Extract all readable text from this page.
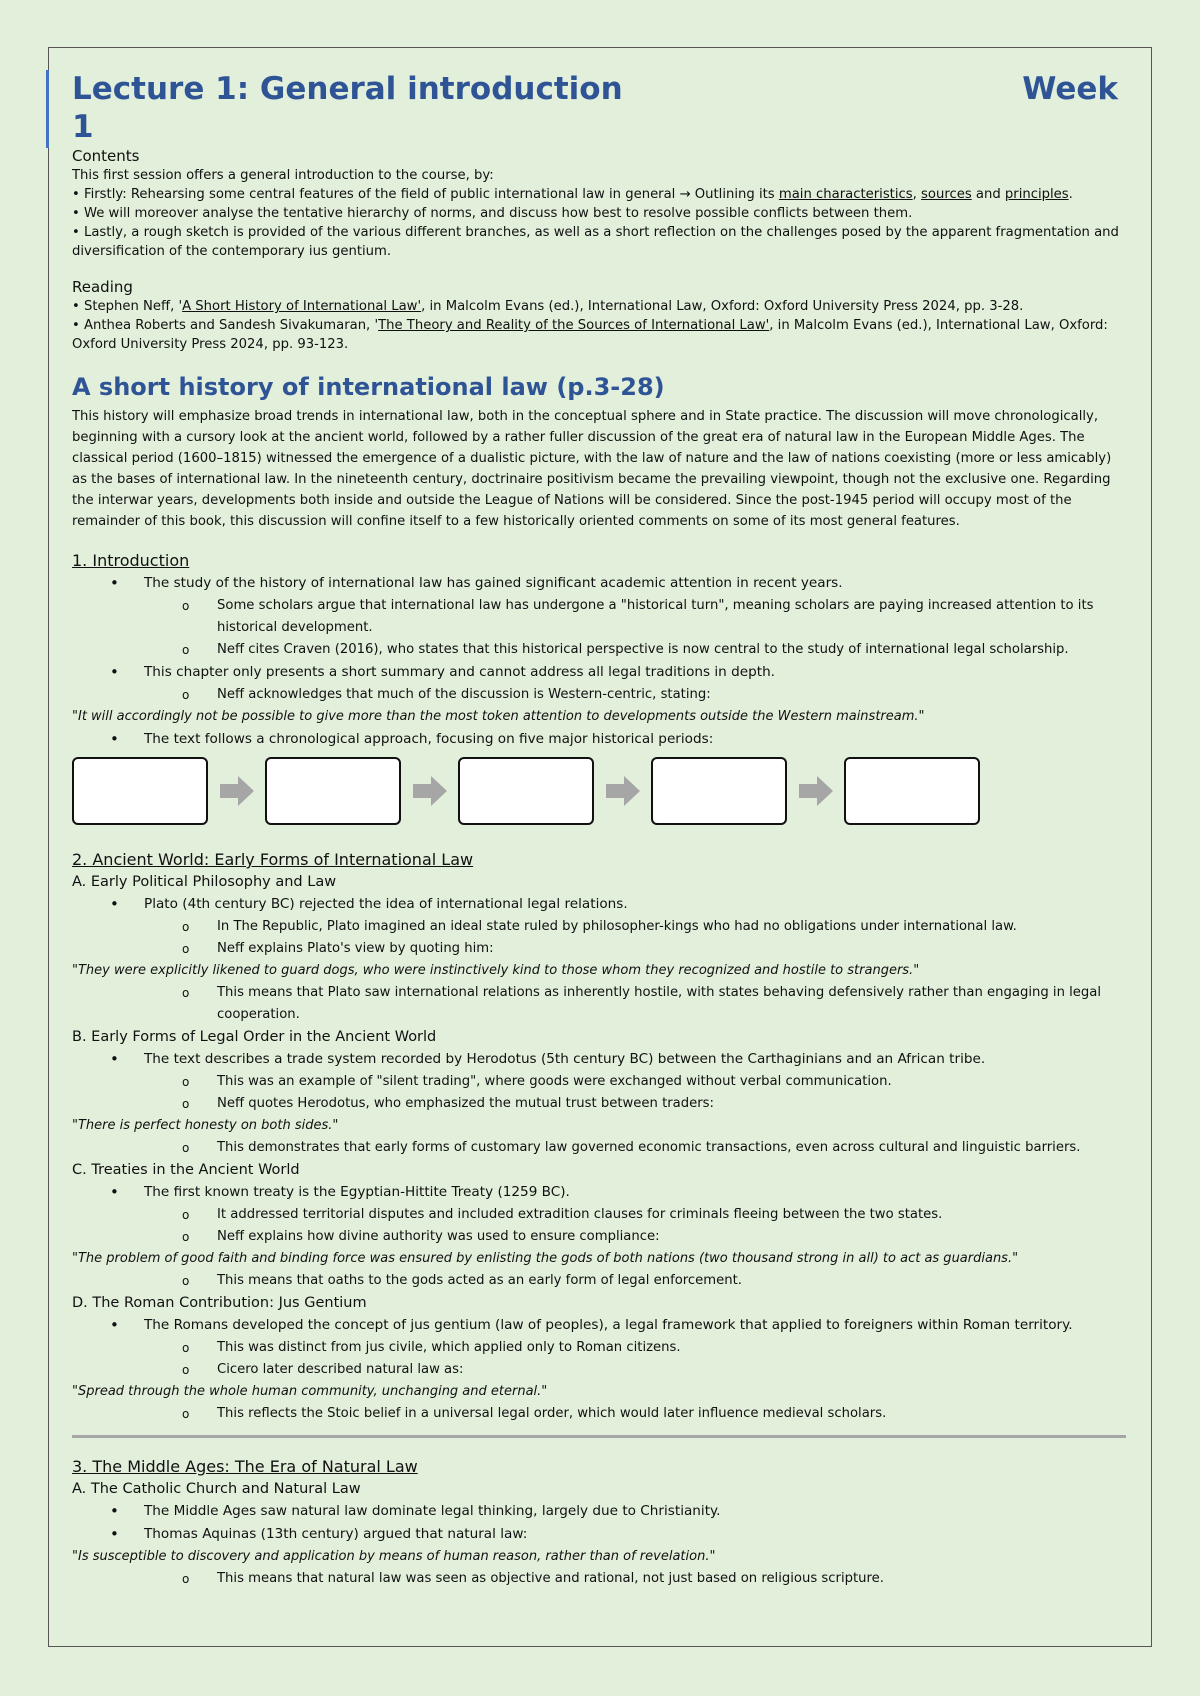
Lecture 1: General introduction	Week

1
Contents
This first session offers a general introduction to the course, by:
• Firstly: Rehearsing some central features of the field of public international law in general → Outlining its main characteristics, sources and principles.
• We will moreover analyse the tentative hierarchy of norms, and discuss how best to resolve possible conflicts between them.
• Lastly, a rough sketch is provided of the various different branches, as well as a short reflection on the challenges posed by the apparent fragmentation and diversification of the contemporary ius gentium.
Reading
• Stephen Neff, 'A Short History of International Law', in Malcolm Evans (ed.), International Law, Oxford: Oxford University Press 2024, pp. 3-28.
• Anthea Roberts and Sandesh Sivakumaran, 'The Theory and Reality of the Sources of International Law', in Malcolm Evans (ed.), International Law, Oxford: Oxford University Press 2024, pp. 93-123.
A short history of international law (p.3-28)
This history will emphasize broad trends in international law, both in the conceptual sphere and in State practice. The discussion will move chronologically, beginning with a cursory look at the ancient world, followed by a rather fuller discussion of the great era of natural law in the European Middle Ages. The classical period (1600–1815) witnessed the emergence of a dualistic picture, with the law of nature and the law of nations coexisting (more or less amicably) as the bases of international law. In the nineteenth century, doctrinaire positivism became the prevailing viewpoint, though not the exclusive one. Regarding the interwar years, developments both inside and outside the League of Nations will be considered. Since the post-1945 period will occupy most of the remainder of this book, this discussion will confine itself to a few historically oriented comments on some of its most general features.
1. Introduction
• The study of the history of international law has gained significant academic attention in recent years.
o Some scholars argue that international law has undergone a "historical turn", meaning scholars are paying increased attention to its historical development.
o Neff cites Craven (2016), who states that this historical perspective is now central to the study of international legal scholarship.
• This chapter only presents a short summary and cannot address all legal traditions in depth.
o Neff acknowledges that much of the discussion is Western-centric, stating:
"It will accordingly not be possible to give more than the most token attention to developments outside the Western mainstream."
• The text follows a chronological approach, focusing on five major historical periods:
2. Ancient World: Early Forms of International Law
A. Early Political Philosophy and Law
• Plato (4th century BC) rejected the idea of international legal relations.
o In The Republic, Plato imagined an ideal state ruled by philosopher-kings who had no obligations under international law.
o Neff explains Plato's view by quoting him:
"They were explicitly likened to guard dogs, who were instinctively kind to those whom they recognized and hostile to strangers."
o This means that Plato saw international relations as inherently hostile, with states behaving defensively rather than engaging in legal cooperation.
B. Early Forms of Legal Order in the Ancient World
• The text describes a trade system recorded by Herodotus (5th century BC) between the Carthaginians and an African tribe.
o This was an example of "silent trading", where goods were exchanged without verbal communication.
o Neff quotes Herodotus, who emphasized the mutual trust between traders:
"There is perfect honesty on both sides."
o This demonstrates that early forms of customary law governed economic transactions, even across cultural and linguistic barriers.
C. Treaties in the Ancient World
• The first known treaty is the Egyptian-Hittite Treaty (1259 BC).
o It addressed territorial disputes and included extradition clauses for criminals fleeing between the two states.
o Neff explains how divine authority was used to ensure compliance:
"The problem of good faith and binding force was ensured by enlisting the gods of both nations (two thousand strong in all) to act as guardians."
o This means that oaths to the gods acted as an early form of legal enforcement.
D. The Roman Contribution: Jus Gentium
• The Romans developed the concept of jus gentium (law of peoples), a legal framework that applied to foreigners within Roman territory.
o This was distinct from jus civile, which applied only to Roman citizens.
o Cicero later described natural law as:
"Spread through the whole human community, unchanging and eternal."
o This reflects the Stoic belief in a universal legal order, which would later influence medieval scholars.
3. The Middle Ages: The Era of Natural Law
A. The Catholic Church and Natural Law
• The Middle Ages saw natural law dominate legal thinking, largely due to Christianity.
• Thomas Aquinas (13th century) argued that natural law:
"Is susceptible to discovery and application by means of human reason, rather than of revelation."
o This means that natural law was seen as objective and rational, not just based on religious scripture.
